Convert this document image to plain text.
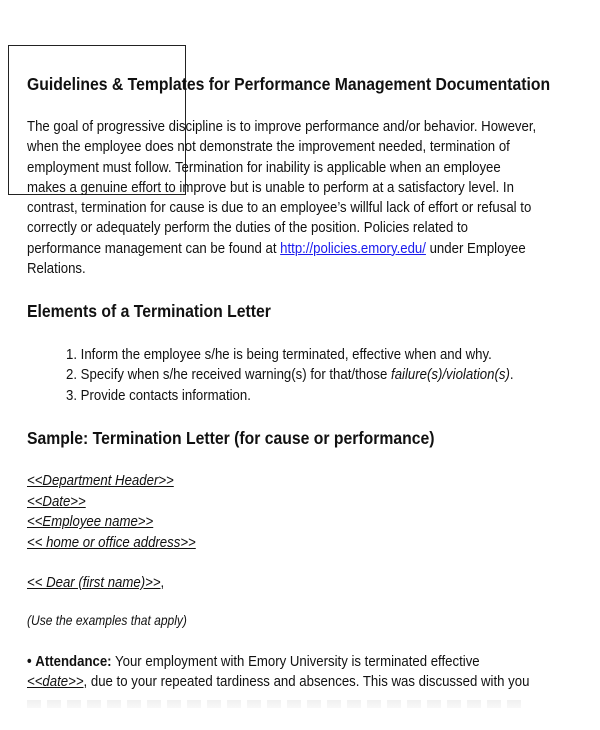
Guidelines & Templates for Performance Management Documentation
The goal of progressive discipline is to improve performance and/or behavior. However,
when the employee does not demonstrate the improvement needed, termination of
employment must follow. Termination for inability is applicable when an employee
makes a genuine effort to improve but is unable to perform at a satisfactory level. In
contrast, termination for cause is due to an employee’s willful lack of effort or refusal to
correctly or adequately perform the duties of the position. Policies related to
performance management can be found at http://policies.emory.edu/ under Employee
Relations.
Elements of a Termination Letter
1. Inform the employee s/he is being terminated, effective when and why.
2. Specify when s/he received warning(s) for that/those failure(s)/violation(s).
3. Provide contacts information.
Sample: Termination Letter (for cause or performance)
<<Department Header>>
<<Date>>
<<Employee name>>
<< home or office address>>
<< Dear (first name)>>,
(Use the examples that apply)
• Attendance: Your employment with Emory University is terminated effective
<<date>>, due to your repeated tardiness and absences. This was discussed with you
